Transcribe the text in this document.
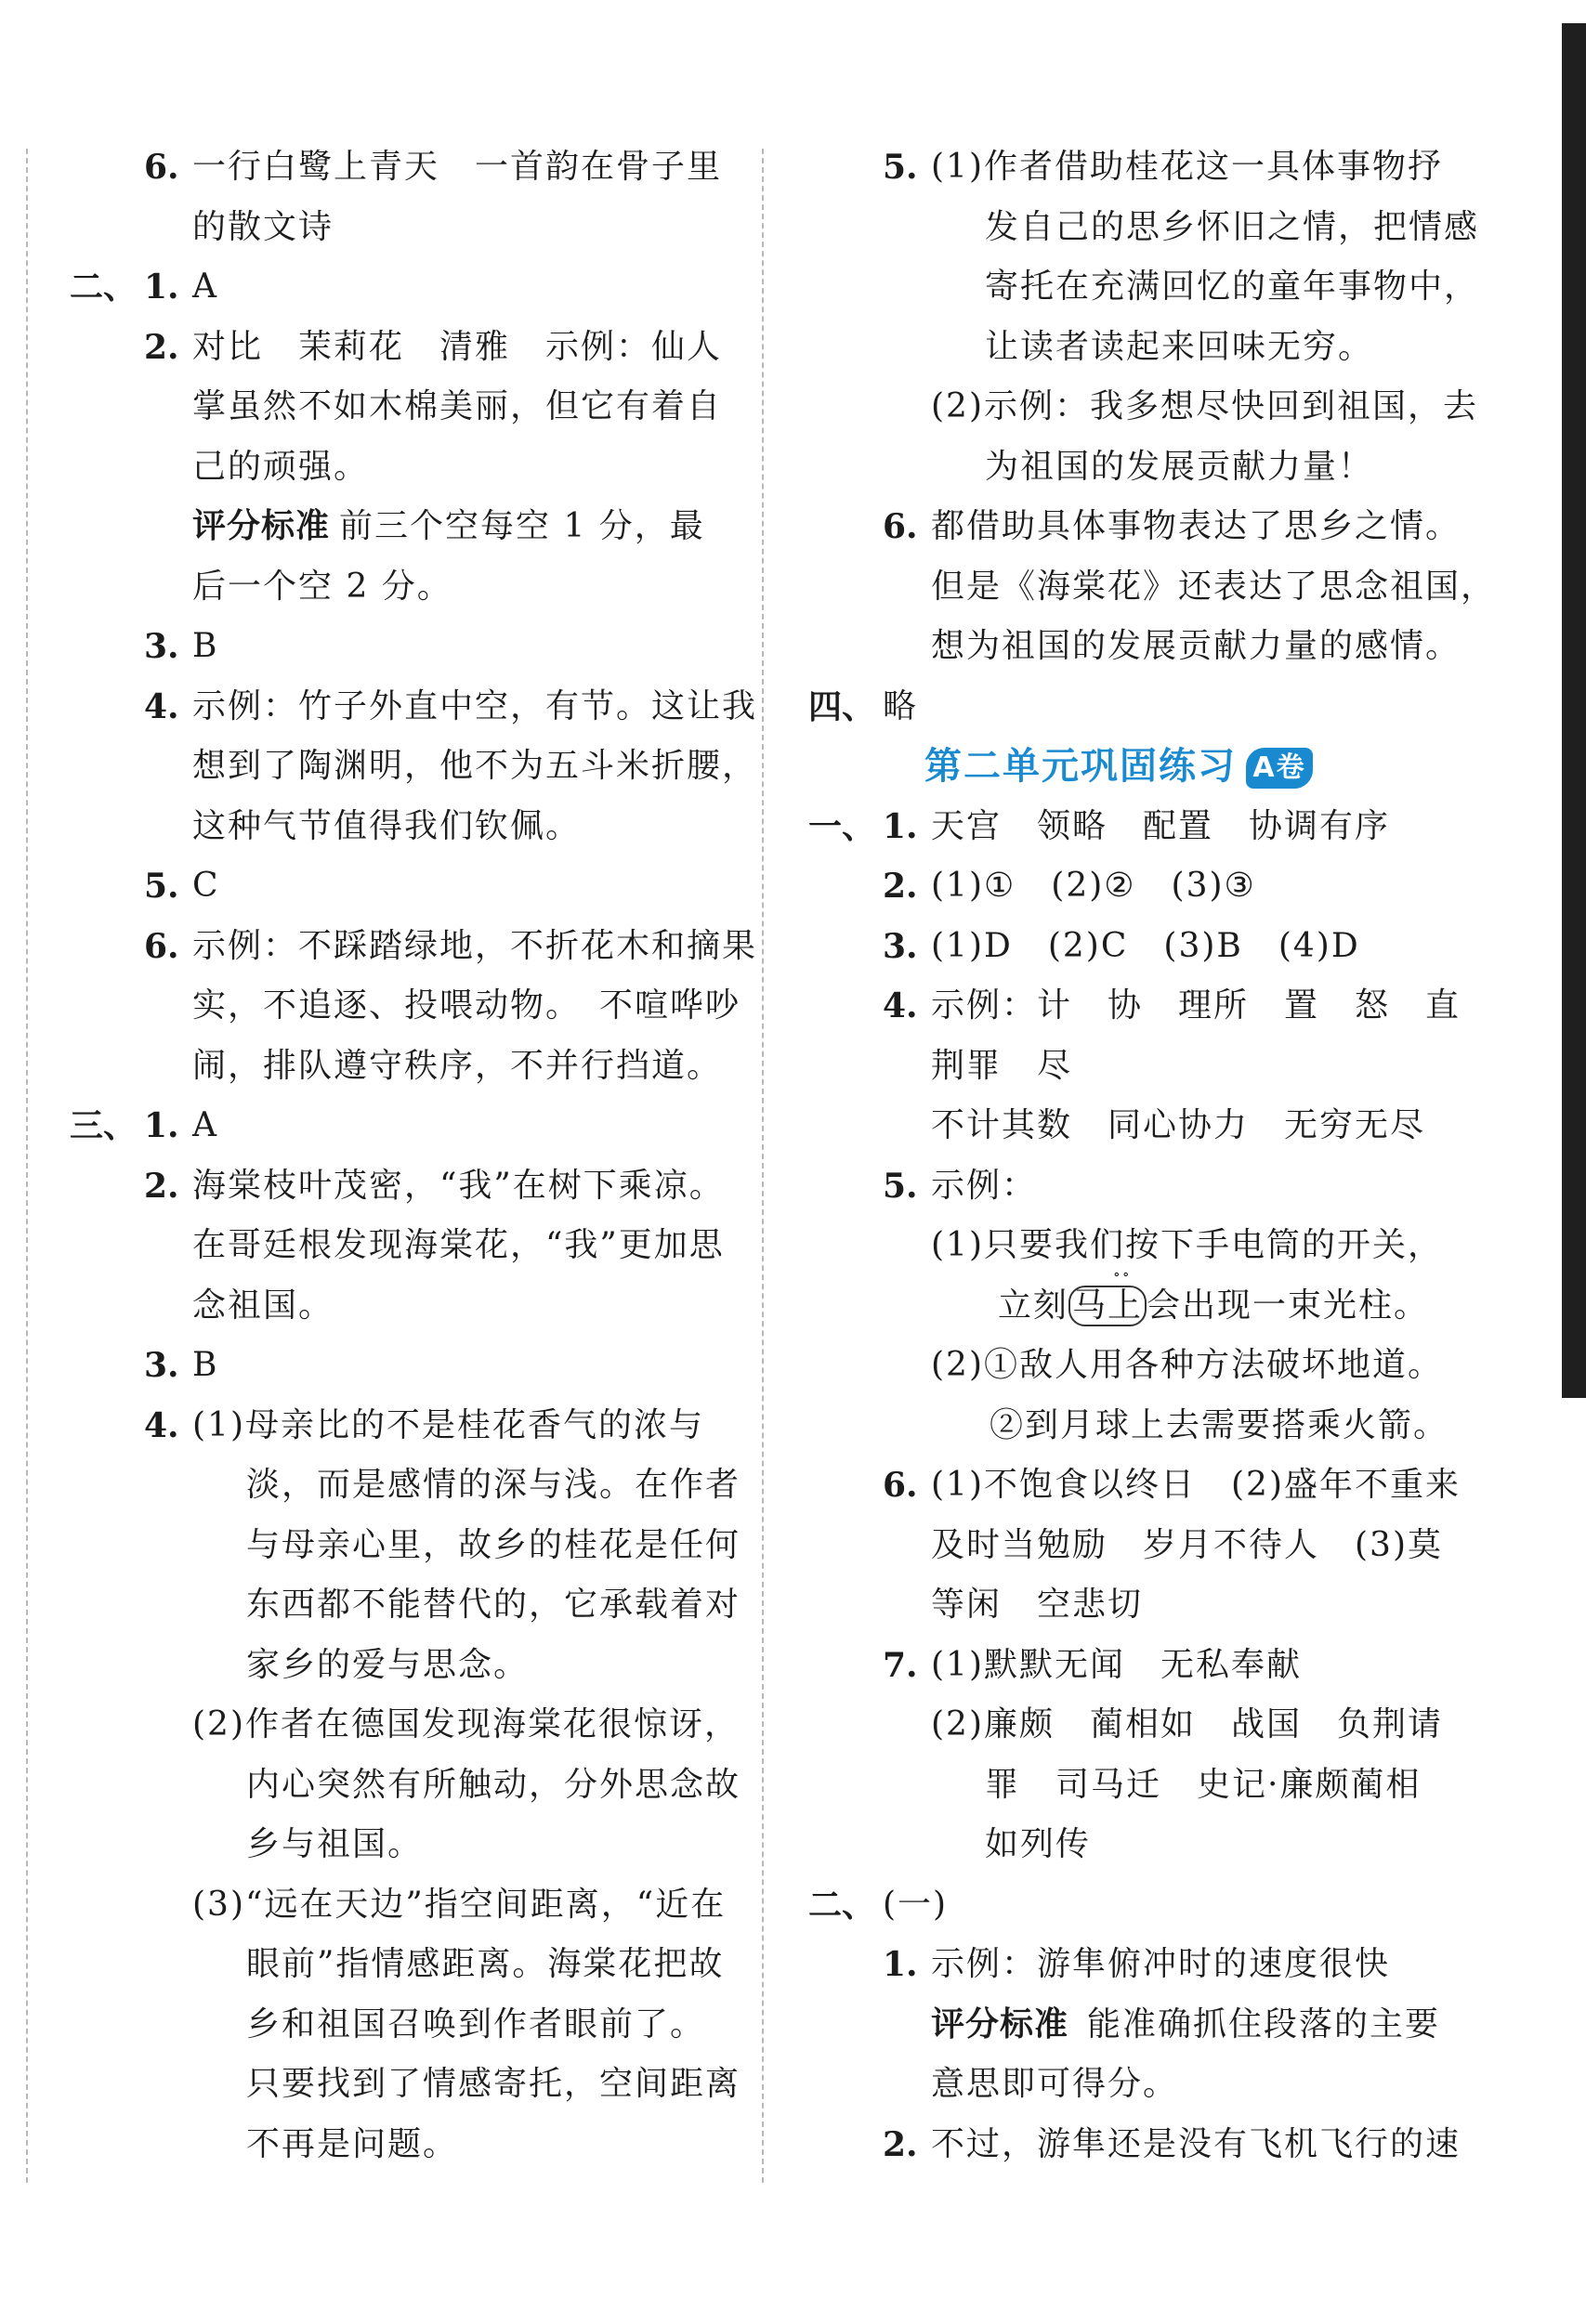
6. 一行白鹭上青天　一首韵在骨子里
的散文诗
二、 1. A
2. 对比　茉莉花　清雅　示例：仙人
掌虽然不如木棉美丽，但它有着自
己的顽强。
评分标准 前三个空每空 1 分，最
后一个空 2 分。
3. B
4. 示例：竹子外直中空，有节。这让我
想到了陶渊明，他不为五斗米折腰，
这种气节值得我们钦佩。
5. C
6. 示例：不踩踏绿地，不折花木和摘果
实，不追逐、投喂动物。　不喧哗吵
闹，排队遵守秩序，不并行挡道。
三、 1. A
2. 海棠枝叶茂密，“我”在树下乘凉。
在哥廷根发现海棠花，“我”更加思
念祖国。
3. B
4. (1)母亲比的不是桂花香气的浓与
淡，而是感情的深与浅。在作者
与母亲心里，故乡的桂花是任何
东西都不能替代的，它承载着对
家乡的爱与思念。
(2)作者在德国发现海棠花很惊讶，
内心突然有所触动，分外思念故
乡与祖国。
(3)“远在天边”指空间距离，“近在
眼前”指情感距离。海棠花把故
乡和祖国召唤到作者眼前了。
只要找到了情感寄托，空间距离
不再是问题。
5. (1)作者借助桂花这一具体事物抒
发自己的思乡怀旧之情，把情感
寄托在充满回忆的童年事物中，
让读者读起来回味无穷。
(2)示例：我多想尽快回到祖国，去
为祖国的发展贡献力量！
6. 都借助具体事物表达了思乡之情。
但是《海棠花》还表达了思念祖国，
想为祖国的发展贡献力量的感情。
四、 略
第二单元巩固练习 A卷
一、 1. 天宫　领略　配置　协调有序
2. (1)①　(2)②　(3)③
3. (1)D　(2)C　(3)B　(4)D
4. 示例：计　协　理所　置　怒　直
荆罪　尽
不计其数　同心协力　无穷无尽
5. 示例：
(1)只要我们按下手电筒的开关，
立刻 马上
∘∘
会出现一束光柱。
(2)①敌人用各种方法破坏地道。
②到月球上去需要搭乘火箭。
6. (1)不饱食以终日　(2)盛年不重来
及时当勉励　岁月不待人　(3)莫
等闲　空悲切
7. (1)默默无闻　无私奉献
(2)廉颇　蔺相如　战国　负荆请
罪　司马迁　史记·廉颇蔺相
如列传
二、 (一)
1. 示例：游隼俯冲时的速度很快
评分标准 能准确抓住段落的主要
意思即可得分。
2. 不过，游隼还是没有飞机飞行的速
